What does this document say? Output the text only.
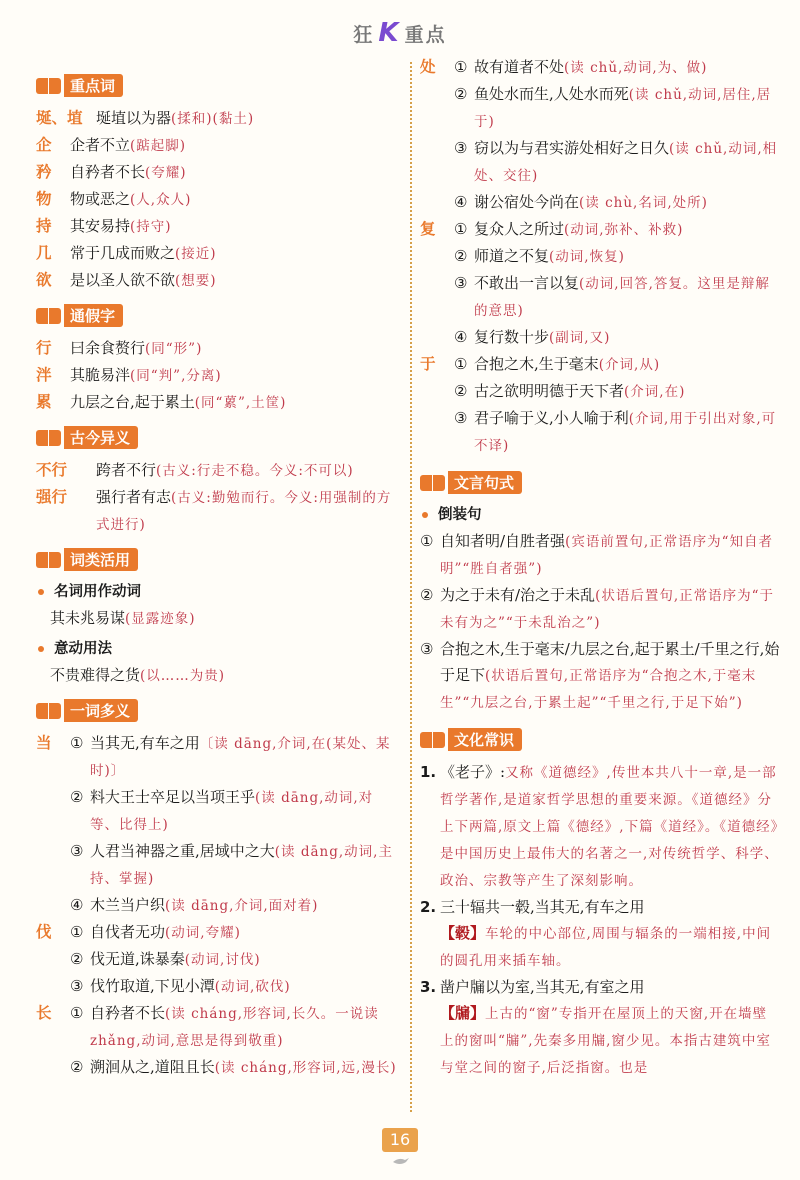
狂 K 重点
重点词
埏、埴 埏埴以为器(揉和)(黏土)
企	企者不立(踮起脚)
矜	自矜者不长(夸耀)
物	物或恶之(人,众人)
持	其安易持(持守)
几	常于几成而败之(接近)
欲	是以圣人欲不欲(想要)
通假字
行	曰余食赘行(同“形”)
泮	其脆易泮(同“判”,分离)
累	九层之台,起于累土(同“蔂”,土筐)
古今异义
不行	跨者不行(古义:行走不稳。今义:不可以)
强行	强行者有志(古义:勤勉而行。今义:用强制的方式进行)
词类活用
名词用作动词
其未兆易谋(显露迹象)
意动用法
不贵难得之货(以……为贵)
一词多义
当	① 当其无,有车之用〔读 dāng,介词,在(某处、某时)〕
② 料大王士卒足以当项王乎(读 dāng,动词,对等、比得上)
③ 人君当神器之重,居域中之大(读 dāng,动词,主持、掌握)
④ 木兰当户织(读 dāng,介词,面对着)
伐	① 自伐者无功(动词,夸耀)
② 伐无道,诛暴秦(动词,讨伐)
③ 伐竹取道,下见小潭(动词,砍伐)
长	① 自矜者不长(读 cháng,形容词,长久。一说读 zhǎng,动词,意思是得到敬重)
② 溯洄从之,道阻且长(读 cháng,形容词,远,漫长)
处	① 故有道者不处(读 chǔ,动词,为、做)
② 鱼处水而生,人处水而死(读 chǔ,动词,居住,居于)
③ 窃以为与君实游处相好之日久(读 chǔ,动词,相处、交往)
④ 谢公宿处今尚在(读 chù,名词,处所)
复	① 复众人之所过(动词,弥补、补救)
② 师道之不复(动词,恢复)
③ 不敢出一言以复(动词,回答,答复。这里是辩解的意思)
④ 复行数十步(副词,又)
于	① 合抱之木,生于毫末(介词,从)
② 古之欲明明德于天下者(介词,在)
③ 君子喻于义,小人喻于利(介词,用于引出对象,可不译)
文言句式
倒装句
① 自知者明/自胜者强(宾语前置句,正常语序为“知自者明”“胜自者强”)
② 为之于未有/治之于未乱(状语后置句,正常语序为“于未有为之”“于未乱治之”)
③ 合抱之木,生于毫末/九层之台,起于累土/千里之行,始于足下(状语后置句,正常语序为“合抱之木,于毫末生”“九层之台,于累土起”“千里之行,于足下始”)
文化常识
1. 《老子》:又称《道德经》,传世本共八十一章,是一部哲学著作,是道家哲学思想的重要来源。《道德经》分上下两篇,原文上篇《德经》,下篇《道经》。《道德经》是中国历史上最伟大的名著之一,对传统哲学、科学、政治、宗教等产生了深刻影响。
2. 三十辐共一毂,当其无,有车之用
【毂】车轮的中心部位,周围与辐条的一端相接,中间的圆孔用来插车轴。
3. 凿户牖以为室,当其无,有室之用
【牖】上古的“窗”专指开在屋顶上的天窗,开在墙壁上的窗叫“牖”,先秦多用牖,窗少见。本指古建筑中室与堂之间的窗子,后泛指窗。也是
16
